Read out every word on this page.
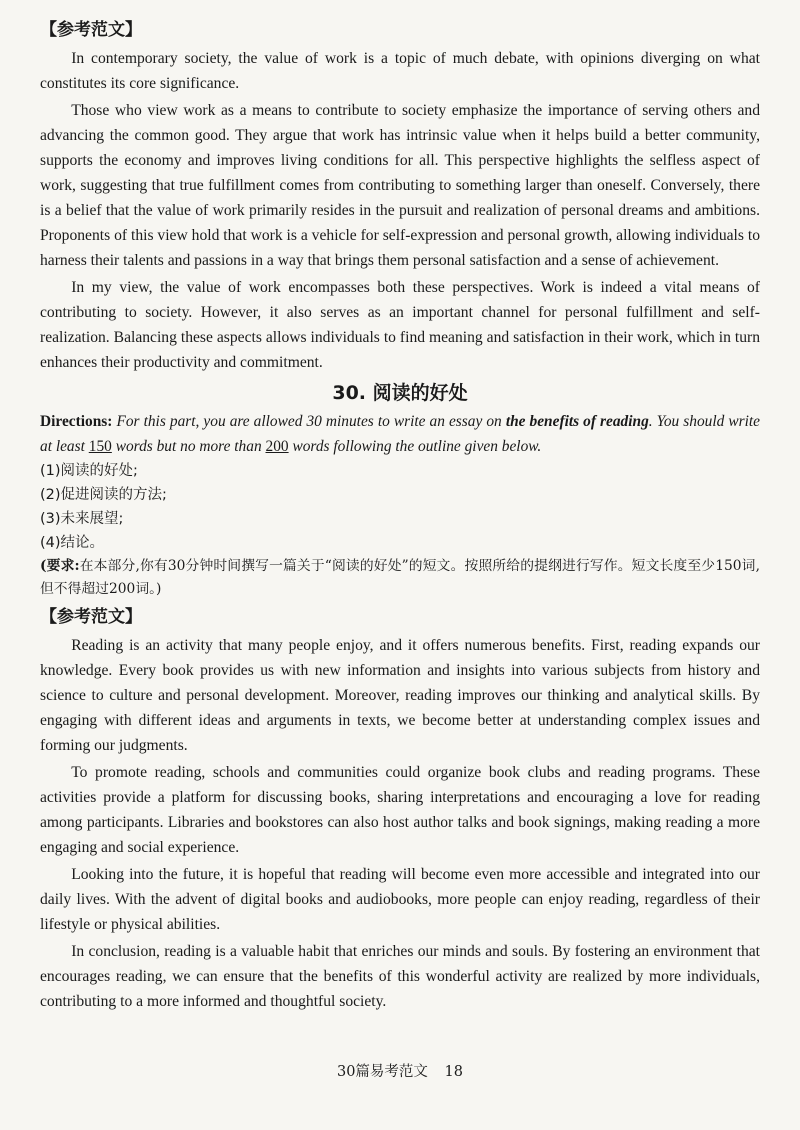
【参考范文】

In contemporary society, the value of work is a topic of much debate, with opinions diverging on what constitutes its core significance.

Those who view work as a means to contribute to society emphasize the importance of serving others and advancing the common good. They argue that work has intrinsic value when it helps build a better community, supports the economy and improves living conditions for all. This perspective highlights the selfless aspect of work, suggesting that true fulfillment comes from contributing to something larger than oneself. Conversely, there is a belief that the value of work primarily resides in the pursuit and realization of personal dreams and ambitions. Proponents of this view hold that work is a vehicle for self-expression and personal growth, allowing individuals to harness their talents and passions in a way that brings them personal satisfaction and a sense of achievement.

In my view, the value of work encompasses both these perspectives. Work is indeed a vital means of contributing to society. However, it also serves as an important channel for personal fulfillment and self-realization. Balancing these aspects allows individuals to find meaning and satisfaction in their work, which in turn enhances their productivity and commitment.

30. 阅读的好处

Directions: For this part, you are allowed 30 minutes to write an essay on the benefits of reading. You should write at least 150 words but no more than 200 words following the outline given below.

(1)阅读的好处;

(2)促进阅读的方法;

(3)未来展望;

(4)结论。

(要求:在本部分,你有30分钟时间撰写一篇关于“阅读的好处”的短文。按照所给的提纲进行写作。短文长度至少150词,但不得超过200词。)

【参考范文】

Reading is an activity that many people enjoy, and it offers numerous benefits. First, reading expands our knowledge. Every book provides us with new information and insights into various subjects from history and science to culture and personal development. Moreover, reading improves our thinking and analytical skills. By engaging with different ideas and arguments in texts, we become better at understanding complex issues and forming our judgments.

To promote reading, schools and communities could organize book clubs and reading programs. These activities provide a platform for discussing books, sharing interpretations and encouraging a love for reading among participants. Libraries and bookstores can also host author talks and book signings, making reading a more engaging and social experience.

Looking into the future, it is hopeful that reading will become even more accessible and integrated into our daily lives. With the advent of digital books and audiobooks, more people can enjoy reading, regardless of their lifestyle or physical abilities.

In conclusion, reading is a valuable habit that enriches our minds and souls. By fostering an environment that encourages reading, we can ensure that the benefits of this wonderful activity are realized by more individuals, contributing to a more informed and thoughtful society.

30篇易考范文 18
